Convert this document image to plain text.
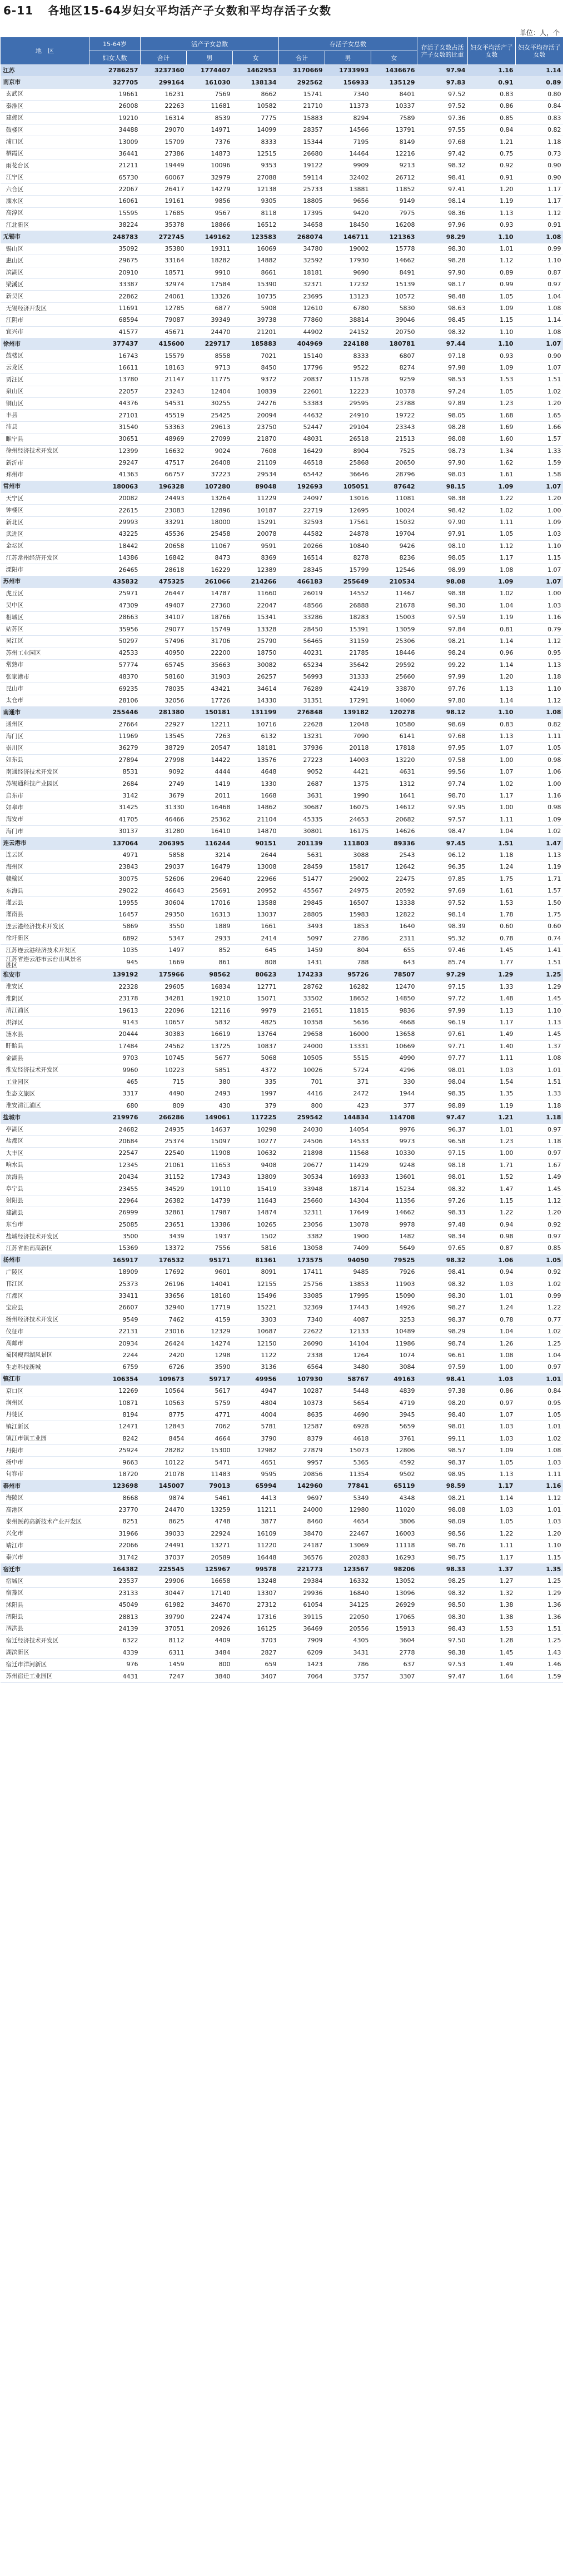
6-11 各地区15-64岁妇女平均活产子女数和平均存活子女数
单位：人，个
地　区	15-64岁	活产子女总数			存活子女总数			存活子女数占活产子女数的比重	妇女平均活产子女数	妇女平均存活子女数
	妇女人数	合计	男	女	合计	男	女			
江苏	2786257	3237360	1774407	1462953	3170669	1733993	1436676	97.94	1.16	1.14
南京市	327705	299164	161030	138134	292562	156933	135129	97.83	0.91	0.89
玄武区	19661	16231	7569	8662	15741	7340	8401	97.52	0.83	0.80
秦淮区	26008	22263	11681	10582	21710	11373	10337	97.52	0.86	0.84
建邺区	19210	16314	8539	7775	15883	8294	7589	97.36	0.85	0.83
鼓楼区	34488	29070	14971	14099	28357	14566	13791	97.55	0.84	0.82
浦口区	13009	15709	7376	8333	15344	7195	8149	97.68	1.21	1.18
栖霞区	36441	27386	14873	12515	26680	14464	12216	97.42	0.75	0.73
雨花台区	21211	19449	10096	9353	19122	9909	9213	98.32	0.92	0.90
江宁区	65730	60067	32979	27088	59114	32402	26712	98.41	0.91	0.90
六合区	22067	26417	14279	12138	25733	13881	11852	97.41	1.20	1.17
溧水区	16061	19161	9856	9305	18805	9656	9149	98.14	1.19	1.17
高淳区	15595	17685	9567	8118	17395	9420	7975	98.36	1.13	1.12
江北新区	38224	35378	18866	16512	34658	18450	16208	97.96	0.93	0.91
无锡市	248783	272745	149162	123583	268074	146711	121363	98.29	1.10	1.08
锡山区	35092	35380	19311	16069	34780	19002	15778	98.30	1.01	0.99
惠山区	29675	33164	18282	14882	32592	17930	14662	98.28	1.12	1.10
滨湖区	20910	18571	9910	8661	18181	9690	8491	97.90	0.89	0.87
梁溪区	33387	32974	17584	15390	32371	17232	15139	98.17	0.99	0.97
新吴区	22862	24061	13326	10735	23695	13123	10572	98.48	1.05	1.04
无锡经济开发区	11691	12785	6877	5908	12610	6780	5830	98.63	1.09	1.08
江阴市	68594	79087	39349	39738	77860	38814	39046	98.45	1.15	1.14
宜兴市	41577	45671	24470	21201	44902	24152	20750	98.32	1.10	1.08
徐州市	377437	415600	229717	185883	404969	224188	180781	97.44	1.10	1.07
鼓楼区	16743	15579	8558	7021	15140	8333	6807	97.18	0.93	0.90
云龙区	16611	18163	9713	8450	17796	9522	8274	97.98	1.09	1.07
贾汪区	13780	21147	11775	9372	20837	11578	9259	98.53	1.53	1.51
泉山区	22057	23243	12404	10839	22601	12223	10378	97.24	1.05	1.02
铜山区	44376	54531	30255	24276	53383	29595	23788	97.89	1.23	1.20
丰县	27101	45519	25425	20094	44632	24910	19722	98.05	1.68	1.65
沛县	31540	53363	29613	23750	52447	29104	23343	98.28	1.69	1.66
睢宁县	30651	48969	27099	21870	48031	26518	21513	98.08	1.60	1.57
徐州经济技术开发区	12399	16632	9024	7608	16429	8904	7525	98.73	1.34	1.33
新沂市	29247	47517	26408	21109	46518	25868	20650	97.90	1.62	1.59
邳州市	41363	66757	37223	29534	65442	36646	28796	98.03	1.61	1.58
常州市	180063	196328	107280	89048	192693	105051	87642	98.15	1.09	1.07
天宁区	20082	24493	13264	11229	24097	13016	11081	98.38	1.22	1.20
钟楼区	22615	23083	12896	10187	22719	12695	10024	98.42	1.02	1.00
新北区	29993	33291	18000	15291	32593	17561	15032	97.90	1.11	1.09
武进区	43225	45536	25458	20078	44582	24878	19704	97.91	1.05	1.03
金坛区	18442	20658	11067	9591	20266	10840	9426	98.10	1.12	1.10
江苏常州经济开发区	14386	16842	8473	8369	16514	8278	8236	98.05	1.17	1.15
溧阳市	26465	28618	16229	12389	28345	15799	12546	98.99	1.08	1.07
苏州市	435832	475325	261066	214266	466183	255649	210534	98.08	1.09	1.07
虎丘区	25971	26447	14787	11660	26019	14552	11467	98.38	1.02	1.00
吴中区	47309	49407	27360	22047	48566	26888	21678	98.30	1.04	1.03
相城区	28663	34107	18766	15341	33286	18283	15003	97.59	1.19	1.16
姑苏区	35956	29077	15749	13328	28450	15391	13059	97.84	0.81	0.79
吴江区	50297	57496	31706	25790	56465	31159	25306	98.21	1.14	1.12
苏州工业园区	42533	40950	22200	18750	40231	21785	18446	98.24	0.96	0.95
常熟市	57774	65745	35663	30082	65234	35642	29592	99.22	1.14	1.13
张家港市	48370	58160	31903	26257	56993	31333	25660	97.99	1.20	1.18
昆山市	69235	78035	43421	34614	76289	42419	33870	97.76	1.13	1.10
太仓市	28106	32056	17726	14330	31351	17291	14060	97.80	1.14	1.12
南通市	255446	281380	150181	131199	276848	139182	120278	98.12	1.10	1.08
通州区	27664	22927	12211	10716	22628	12048	10580	98.69	0.83	0.82
海门区	11969	13545	7263	6132	13231	7090	6141	97.68	1.13	1.11
崇川区	36279	38729	20547	18181	37936	20118	17818	97.95	1.07	1.05
如东县	27894	27998	14422	13576	27223	14003	13220	97.58	1.00	0.98
南通经济技术开发区	8531	9092	4444	4648	9052	4421	4631	99.56	1.07	1.06
苏锡通科技产业园区	2684	2749	1419	1330	2687	1375	1312	97.74	1.02	1.00
启东市	3142	3679	2011	1668	3631	1990	1641	98.70	1.17	1.16
如皋市	31425	31330	16468	14862	30687	16075	14612	97.95	1.00	0.98
海安市	41705	46466	25362	21104	45335	24653	20682	97.57	1.11	1.09
海门市	30137	31280	16410	14870	30801	16175	14626	98.47	1.04	1.02
连云港市	137064	206395	116244	90151	201139	111803	89336	97.45	1.51	1.47
连云区	4971	5858	3214	2644	5631	3088	2543	96.12	1.18	1.13
海州区	23843	29037	16479	13008	28459	15817	12642	96.35	1.24	1.19
赣榆区	30075	52606	29640	22966	51477	29002	22475	97.85	1.75	1.71
东海县	29022	46643	25691	20952	45567	24975	20592	97.69	1.61	1.57
灌云县	19955	30604	17016	13588	29845	16507	13338	97.52	1.53	1.50
灌南县	16457	29350	16313	13037	28805	15983	12822	98.14	1.78	1.75
连云港经济技术开发区	5869	3550	1889	1661	3493	1853	1640	98.39	0.60	0.60
徐圩新区	6892	5347	2933	2414	5097	2786	2311	95.32	0.78	0.74
江苏连云港经济技术开发区	1035	1497	852	645	1459	804	655	97.46	1.45	1.41
江苏省连云港市云台山风景名胜区	945	1669	861	808	1431	788	643	85.74	1.77	1.51
淮安市	139192	175966	98562	80623	174233	95726	78507	97.29	1.29	1.25
淮安区	22328	29605	16834	12771	28762	16282	12470	97.15	1.33	1.29
淮阴区	23178	34281	19210	15071	33502	18652	14850	97.72	1.48	1.45
清江浦区	19613	22096	12116	9979	21651	11815	9836	97.99	1.13	1.10
洪泽区	9143	10657	5832	4825	10358	5636	4668	96.19	1.17	1.13
涟水县	20444	30383	16619	13764	29658	16000	13658	97.61	1.49	1.45
盱眙县	17484	24562	13725	10837	24000	13331	10669	97.71	1.40	1.37
金湖县	9703	10745	5677	5068	10505	5515	4990	97.77	1.11	1.08
淮安经济技术开发区	9960	10223	5851	4372	10026	5724	4296	98.01	1.03	1.01
工业园区	465	715	380	335	701	371	330	98.04	1.54	1.51
生态文旅区	3317	4490	2493	1997	4416	2472	1944	98.35	1.35	1.33
淮安清江浦区	680	809	430	379	800	423	377	98.89	1.19	1.18
盐城市	219976	266286	149061	117225	259542	144834	114708	97.47	1.21	1.18
亭湖区	24682	24935	14637	10298	24030	14054	9976	96.37	1.01	0.97
盐都区	20684	25374	15097	10277	24506	14533	9973	96.58	1.23	1.18
大丰区	22547	22540	11908	10632	21898	11568	10330	97.15	1.00	0.97
响水县	12345	21061	11653	9408	20677	11429	9248	98.18	1.71	1.67
滨海县	20434	31152	17343	13809	30534	16933	13601	98.01	1.52	1.49
阜宁县	23455	34529	19110	15419	33948	18714	15234	98.32	1.47	1.45
射阳县	22964	26382	14739	11643	25660	14304	11356	97.26	1.15	1.12
建湖县	26999	32861	17987	14874	32311	17649	14662	98.33	1.22	1.20
东台市	25085	23651	13386	10265	23056	13078	9978	97.48	0.94	0.92
盐城经济技术开发区	3500	3439	1937	1502	3382	1900	1482	98.34	0.98	0.97
江苏省盐南高新区	15369	13372	7556	5816	13058	7409	5649	97.65	0.87	0.85
扬州市	165917	176532	95171	81361	173575	94050	79525	98.32	1.06	1.05
广陵区	18909	17692	9601	8091	17411	9485	7926	98.41	0.94	0.92
邗江区	25373	26196	14041	12155	25756	13853	11903	98.32	1.03	1.02
江都区	33411	33656	18160	15496	33085	17995	15090	98.30	1.01	0.99
宝应县	26607	32940	17719	15221	32369	17443	14926	98.27	1.24	1.22
扬州经济技术开发区	9549	7462	4159	3303	7340	4087	3253	98.37	0.78	0.77
仪征市	22131	23016	12329	10687	22622	12133	10489	98.29	1.04	1.02
高邮市	20934	26424	14274	12150	26090	14104	11986	98.74	1.26	1.25
蜀冈瘦西湖风景区	2244	2420	1298	1122	2338	1264	1074	96.61	1.08	1.04
生态科技新城	6759	6726	3590	3136	6564	3480	3084	97.59	1.00	0.97
镇江市	106354	109673	59717	49956	107930	58767	49163	98.41	1.03	1.01
京口区	12269	10564	5617	4947	10287	5448	4839	97.38	0.86	0.84
润州区	10871	10563	5759	4804	10373	5654	4719	98.20	0.97	0.95
丹徒区	8194	8775	4771	4004	8635	4690	3945	98.40	1.07	1.05
镇江新区	12471	12843	7062	5781	12587	6928	5659	98.01	1.03	1.01
镇江市镇工业园	8242	8454	4664	3790	8379	4618	3761	99.11	1.03	1.02
丹阳市	25924	28282	15300	12982	27879	15073	12806	98.57	1.09	1.08
扬中市	9663	10122	5471	4651	9957	5365	4592	98.37	1.05	1.03
句容市	18720	21078	11483	9595	20856	11354	9502	98.95	1.13	1.11
泰州市	123698	145007	79013	65994	142960	77841	65119	98.59	1.17	1.16
海陵区	8668	9874	5461	4413	9697	5349	4348	98.21	1.14	1.12
高港区	23770	24470	13259	11211	24000	12980	11020	98.08	1.03	1.01
泰州医药高新技术产业开发区	8251	8625	4748	3877	8460	4654	3806	98.09	1.05	1.03
兴化市	31966	39033	22924	16109	38470	22467	16003	98.56	1.22	1.20
靖江市	22066	24491	13271	11220	24187	13069	11118	98.76	1.11	1.10
泰兴市	31742	37037	20589	16448	36576	20283	16293	98.75	1.17	1.15
宿迁市	164382	225545	125967	99578	221773	123567	98206	98.33	1.37	1.35
宿城区	23537	29906	16658	13248	29384	16332	13052	98.25	1.27	1.25
宿豫区	23133	30447	17140	13307	29936	16840	13096	98.32	1.32	1.29
沭阳县	45049	61982	34670	27312	61054	34125	26929	98.50	1.38	1.36
泗阳县	28813	39790	22474	17316	39115	22050	17065	98.30	1.38	1.36
泗洪县	24139	37051	20926	16125	36469	20556	15913	98.43	1.53	1.51
宿迁经济技术开发区	6322	8112	4409	3703	7909	4305	3604	97.50	1.28	1.25
湖滨新区	4339	6311	3484	2827	6209	3431	2778	98.38	1.45	1.43
宿迁市洋河新区	976	1459	800	659	1423	786	637	97.53	1.49	1.46
苏州宿迁工业园区	4431	7247	3840	3407	7064	3757	3307	97.47	1.64	1.59
